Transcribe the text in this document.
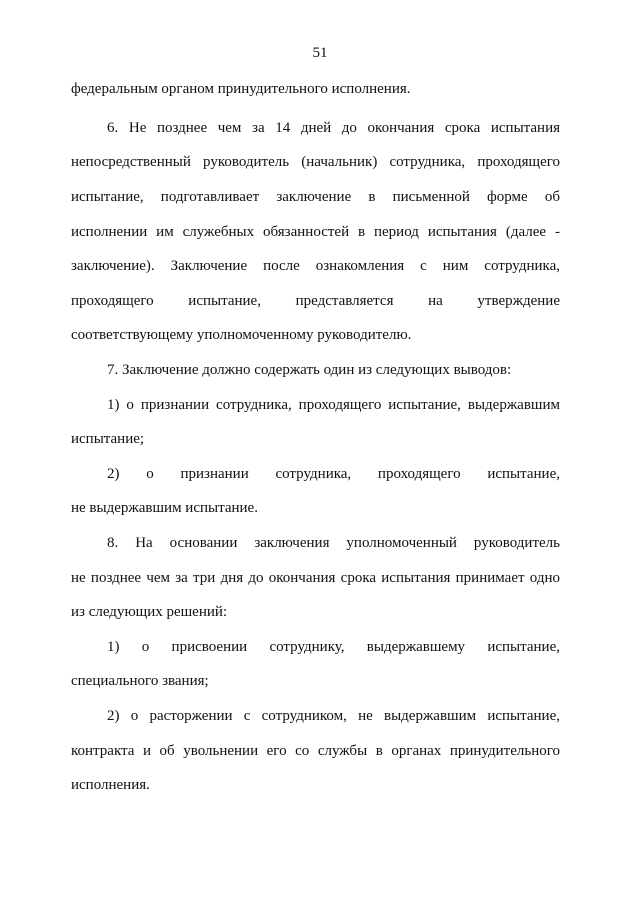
51
федеральным органом принудительного исполнения.
6. Не позднее чем за 14 дней до окончания срока испытания
непосредственный руководитель (начальник) сотрудника, проходящего
испытание, подготавливает заключение в письменной форме об
исполнении им служебных обязанностей в период испытания (далее -
заключение). Заключение после ознакомления с ним сотрудника,
проходящего испытание, представляется на утверждение
соответствующему уполномоченному руководителю.
7. Заключение должно содержать один из следующих выводов:
1) о признании сотрудника, проходящего испытание, выдержавшим
испытание;
2) о признании сотрудника, проходящего испытание,
не выдержавшим испытание.
8. На основании заключения уполномоченный руководитель
не позднее чем за три дня до окончания срока испытания принимает одно
из следующих решений:
1) о присвоении сотруднику, выдержавшему испытание,
специального звания;
2) о расторжении с сотрудником, не выдержавшим испытание,
контракта и об увольнении его со службы в органах принудительного
исполнения.
